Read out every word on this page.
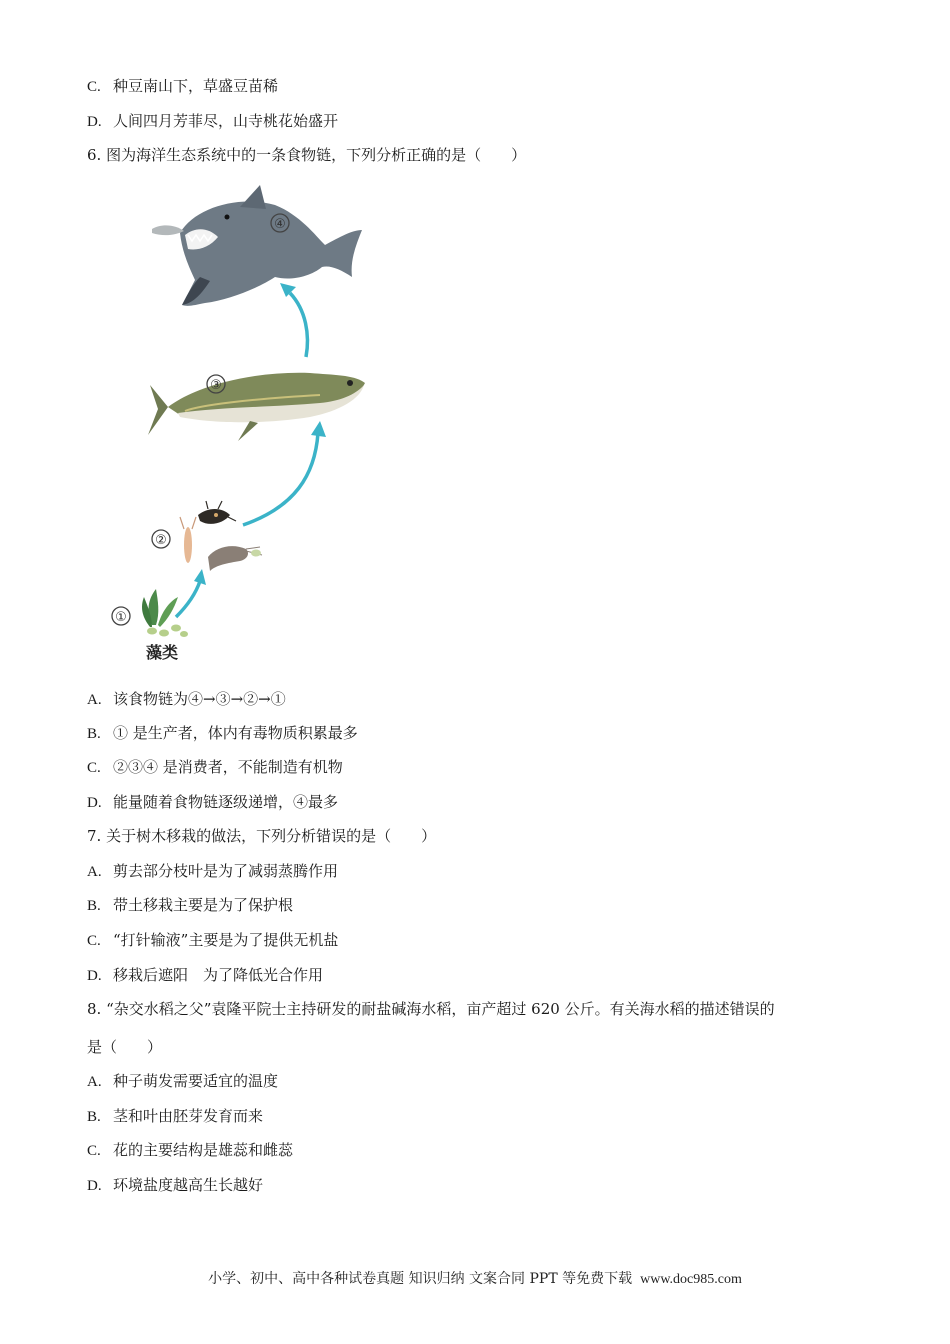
C. 种豆南山下，草盛豆苗稀
D. 人间四月芳菲尽，山寺桃花始盛开
6. 图为海洋生态系统中的一条食物链，下列分析正确的是（　　）
④
③
②
①
藻类
A. 该食物链为④→③→②→①
B. ① 是生产者，体内有毒物质积累最多
C. ②③④ 是消费者，不能制造有机物
D. 能量随着食物链逐级递增，④最多
7. 关于树木移栽的做法，下列分析错误的是（　　）
A. 剪去部分枝叶是为了减弱蒸腾作用
B. 带土移栽主要是为了保护根
C. “打针输液”主要是为了提供无机盐
D. 移栽后遮阳　为了降低光合作用
8. “杂交水稻之父”袁隆平院士主持研发的耐盐碱海水稻，亩产超过 620 公斤。有关海水稻的描述错误的
是（　　）
A. 种子萌发需要适宜的温度
B. 茎和叶由胚芽发育而来
C. 花的主要结构是雄蕊和雌蕊
D. 环境盐度越高生长越好
小学、初中、高中各种试卷真题 知识归纳 文案合同 PPT 等免费下载 www.doc985.com
